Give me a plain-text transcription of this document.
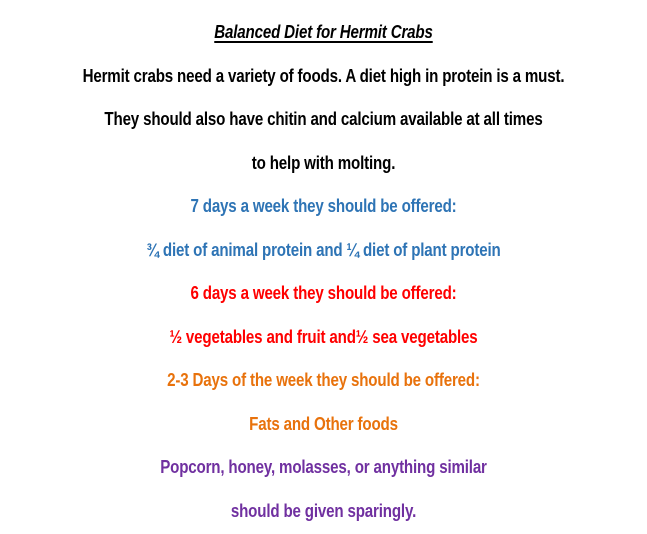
Balanced Diet for Hermit Crabs
Hermit crabs need a variety of foods. A diet high in protein is a must.
They should also have chitin and calcium available at all times
to help with molting.
7 days a week they should be offered:
¾ diet of animal protein and ¼ diet of plant protein
6 days a week they should be offered:
½ vegetables and fruit and½ sea vegetables
2-3 Days of the week they should be offered:
Fats and Other foods
Popcorn, honey, molasses, or anything similar
should be given sparingly.
